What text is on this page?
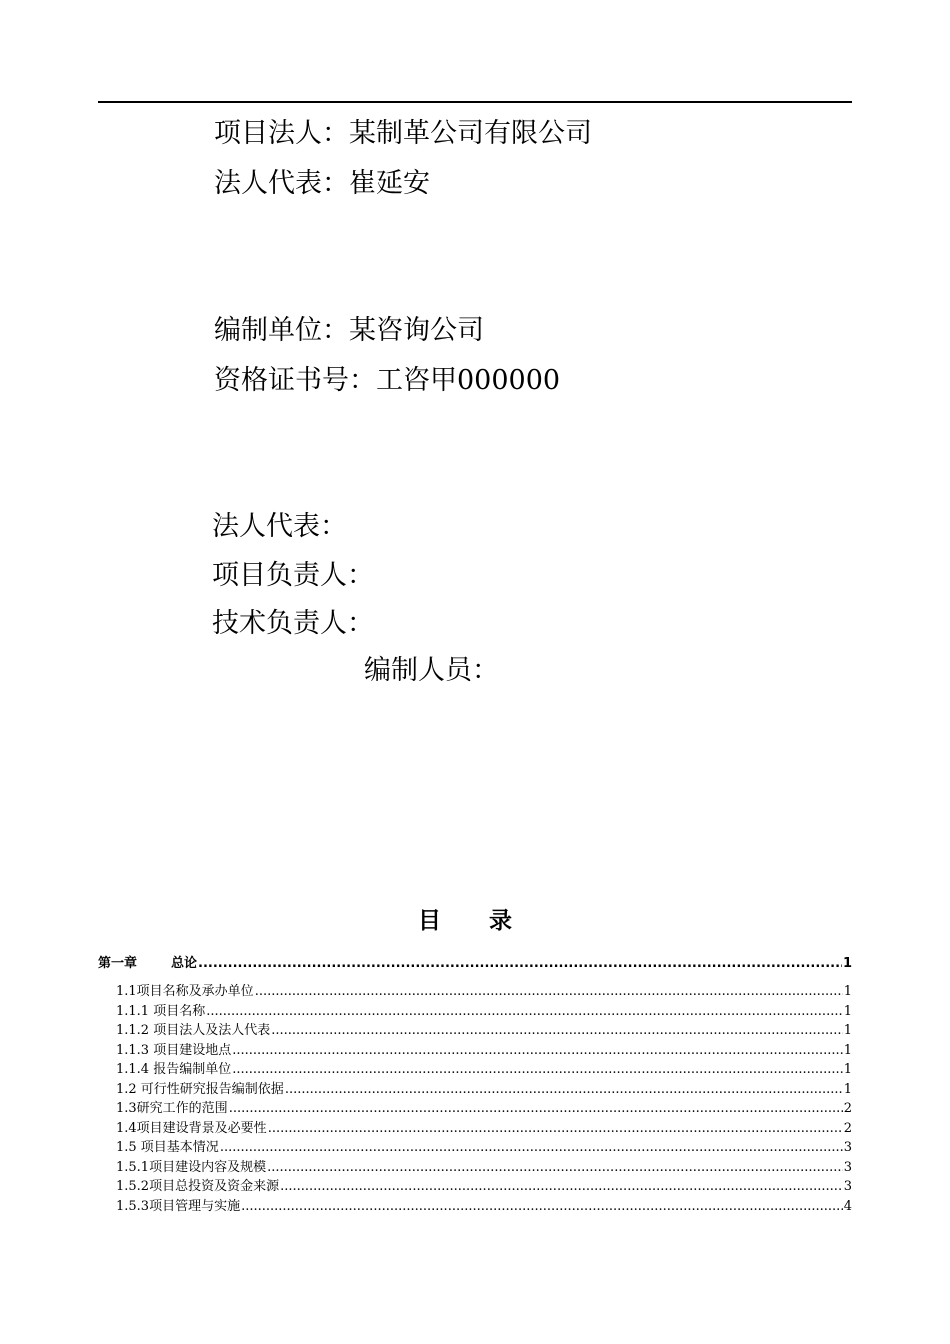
项目法人：某制革公司有限公司
法人代表：崔延安
编制单位：某咨询公司
资格证书号：工咨甲000000
法人代表：
项目负责人：
技术负责人：
编制人员：
目 录
第一章	总论 .....	1
1.1项目名称及承办单位 .....	1
1.1.1 项目名称 .....	1
1.1.2 项目法人及法人代表 .....	1
1.1.3 项目建设地点 .....	1
1.1.4 报告编制单位 .....	1
1.2 可行性研究报告编制依据 .....	1
1.3研究工作的范围 .....	2
1.4项目建设背景及必要性 .....	2
1.5 项目基本情况 .....	3
1.5.1项目建设内容及规模 .....	3
1.5.2项目总投资及资金来源 .....	3
1.5.3项目管理与实施 .....	4
